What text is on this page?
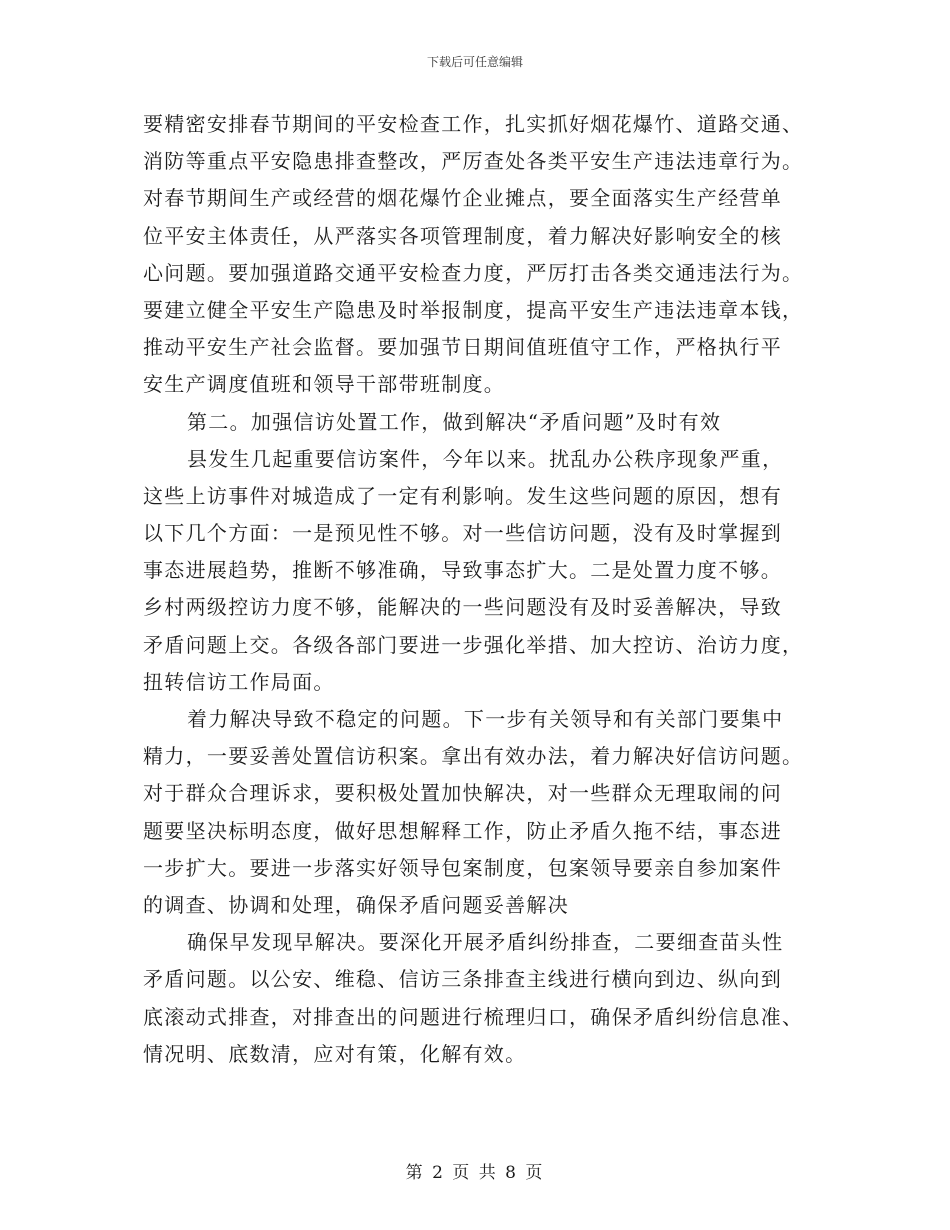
下载后可任意编辑
要精密安排春节期间的平安检查工作，扎实抓好烟花爆竹、道路交通、
消防等重点平安隐患排查整改，严厉查处各类平安生产违法违章行为。
对春节期间生产或经营的烟花爆竹企业摊点，要全面落实生产经营单
位平安主体责任，从严落实各项管理制度，着力解决好影响安全的核
心问题。要加强道路交通平安检查力度，严厉打击各类交通违法行为。
要建立健全平安生产隐患及时举报制度，提高平安生产违法违章本钱，
推动平安生产社会监督。要加强节日期间值班值守工作，严格执行平
安生产调度值班和领导干部带班制度。
第二。加强信访处置工作，做到解决“矛盾问题”及时有效
县发生几起重要信访案件，今年以来。扰乱办公秩序现象严重，
这些上访事件对城造成了一定有利影响。发生这些问题的原因，想有
以下几个方面：一是预见性不够。对一些信访问题，没有及时掌握到
事态进展趋势，推断不够准确，导致事态扩大。二是处置力度不够。
乡村两级控访力度不够，能解决的一些问题没有及时妥善解决，导致
矛盾问题上交。各级各部门要进一步强化举措、加大控访、治访力度，
扭转信访工作局面。
着力解决导致不稳定的问题。下一步有关领导和有关部门要集中
精力，一要妥善处置信访积案。拿出有效办法，着力解决好信访问题。
对于群众合理诉求，要积极处置加快解决，对一些群众无理取闹的问
题要坚决标明态度，做好思想解释工作，防止矛盾久拖不结，事态进
一步扩大。要进一步落实好领导包案制度，包案领导要亲自参加案件
的调查、协调和处理，确保矛盾问题妥善解决
确保早发现早解决。要深化开展矛盾纠纷排查，二要细查苗头性
矛盾问题。以公安、维稳、信访三条排查主线进行横向到边、纵向到
底滚动式排查，对排查出的问题进行梳理归口，确保矛盾纠纷信息准、
情况明、底数清，应对有策，化解有效。
第 2 页 共 8 页
